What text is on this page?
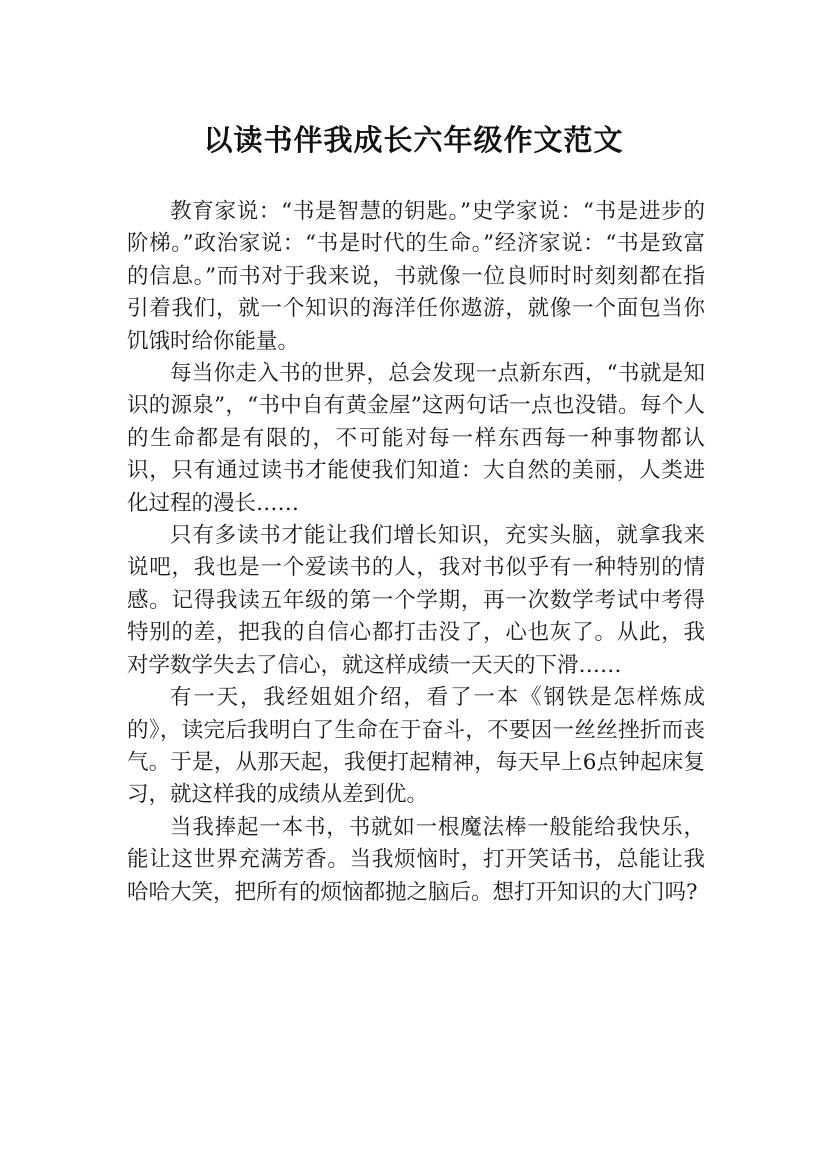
以读书伴我成长六年级作文范文

教育家说：“书是智慧的钥匙。”史学家说：“书是进步的阶梯。”政治家说：“书是时代的生命。”经济家说：“书是致富的信息。”而书对于我来说，书就像一位良师时时刻刻都在指引着我们，就一个知识的海洋任你遨游，就像一个面包当你饥饿时给你能量。

每当你走入书的世界，总会发现一点新东西，“书就是知识的源泉”，“书中自有黄金屋”这两句话一点也没错。每个人的生命都是有限的，不可能对每一样东西每一种事物都认识，只有通过读书才能使我们知道：大自然的美丽，人类进化过程的漫长……

只有多读书才能让我们增长知识，充实头脑，就拿我来说吧，我也是一个爱读书的人，我对书似乎有一种特别的情感。记得我读五年级的第一个学期，再一次数学考试中考得特别的差，把我的自信心都打击没了，心也灰了。从此，我对学数学失去了信心，就这样成绩一天天的下滑……

有一天，我经姐姐介绍，看了一本《钢铁是怎样炼成的》，读完后我明白了生命在于奋斗，不要因一丝丝挫折而丧气。于是，从那天起，我便打起精神，每天早上6点钟起床复习，就这样我的成绩从差到优。

当我捧起一本书，书就如一根魔法棒一般能给我快乐，能让这世界充满芳香。当我烦恼时，打开笑话书，总能让我哈哈大笑，把所有的烦恼都抛之脑后。想打开知识的大门吗?
